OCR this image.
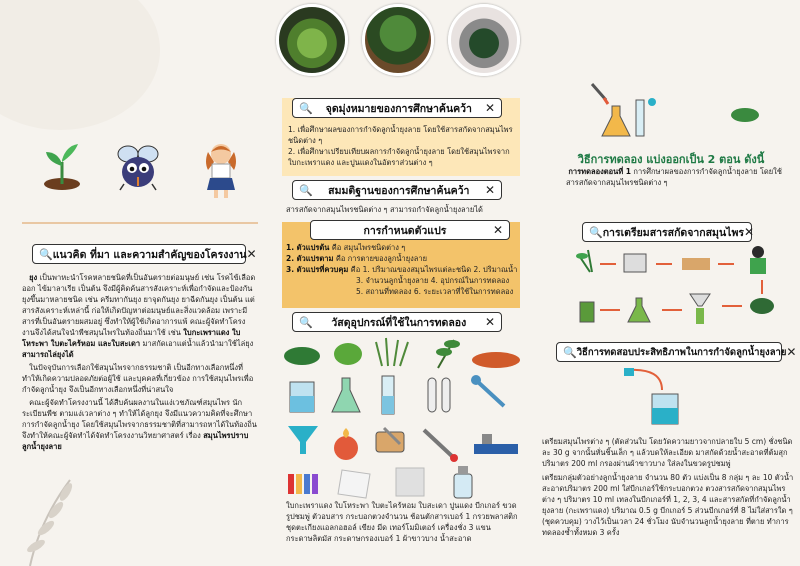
🔍 แนวคิด ที่มา และความสำคัญของโครงงาน ✕
ยุง เป็นพาหะนำโรคหลายชนิดที่เป็นอันตรายต่อมนุษย์ เช่น โรคไข้เลือดออก ไข้มาลาเรีย เป็นต้น จึงมีผู้คิดค้นสารสังเคราะห์เพื่อกำจัดและป้องกันยุงขึ้นมาหลายชนิด เช่น ครีมทากันยุง ยาจุดกันยุง ยาฉีดกันยุง เป็นต้น แต่สารสังเคราะห์เหล่านี้ ก่อให้เกิดปัญหาต่อมนุษย์และสิ่งแวดล้อม เพราะมีสารที่เป็นอันตรายผสมอยู่ ซึ่งทำให้ผู้ใช้เกิดอาการแพ้ คณะผู้จัดทำโครงงานจึงได้สนใจนำพืชสมุนไพรในท้องถิ่นมาใช้ เช่น ใบกะเพราแดง ใบโหระพา ใบตะไคร้หอม และใบสะเดา มาสกัดเอาแต่น้ำแล้วนำมาใช้ไล่ยุง สามารถไล่ยุงได้
ในปัจจุบันการเลือกใช้สมุนไพรจากธรรมชาติ เป็นอีกทางเลือกหนึ่งที่ทำให้เกิดความปลอดภัยต่อผู้ใช้ และบุคคลที่เกี่ยวข้อง การใช้สมุนไพรเพื่อกำจัดลูกน้ำยุง จึงเป็นอีกทางเลือกหนึ่งที่น่าสนใจ
คณะผู้จัดทำโครงงานนี้ ได้สืบค้นผลงานในแง่เวชภัณฑ์สมุนไพร นักระเบียนพืช ตามแง่เวลาต่าง ๆ ทำให้ได้ลูกยุง จึงมีแนวความคิดที่จะศึกษาการกำจัดลูกน้ำยุง โดยใช้สมุนไพรจากธรรมชาติที่สามารถหาได้ในท้องถิ่น จึงทำให้คณะผู้จัดทำได้จัดทำโครงงานวิทยาศาสตร์ เรื่อง สมุนไพรปราบลูกน้ำยุงลาย
🔍	จุดมุ่งหมายของการศึกษาค้นคว้า	✕
1. เพื่อศึกษาผลของการกำจัดลูกน้ำยุงลาย โดยใช้สารสกัดจากสมุนไพรชนิดต่าง ๆ
2. เพื่อศึกษาเปรียบเทียบผลการกำจัดลูกน้ำยุงลาย โดยใช้สมุนไพรจากใบกะเพราแดง และปูนแดงในอัตราส่วนต่าง ๆ
🔍	สมมติฐานของการศึกษาค้นคว้า	✕
สารสกัดจากสมุนไพรชนิดต่าง ๆ สามารถกำจัดลูกน้ำยุงลายได้
การกำหนดตัวแปร	✕
1. ตัวแปรต้น คือ สมุนไพรชนิดต่าง ๆ
2. ตัวแปรตาม คือ การตายของลูกน้ำยุงลาย
3. ตัวแปรที่ควบคุม คือ 1. ปริมาณของสมุนไพรแต่ละชนิด 2. ปริมาณน้ำ
3. จำนวนลูกน้ำยุงลาย 4. อุปกรณ์ในการทดลอง
5. สถานที่ทดลอง 6. ระยะเวลาที่ใช้ในการทดลอง
🔍	วัสดุอุปกรณ์ที่ใช้ในการทดลอง	✕
ใบกะเพราแดง ใบโหระพา ใบตะไคร้หอม ใบสะเดา ปูนแดง บีกเกอร์ ขวดรูปชมพู่ ตัวอบสาร กระบอกตวงจำนวน ช้อนตักสารเบอร์ 1 กรวยพลาสติก ชุดตะเกียงแอลกอฮอล์ เขียง มีด เทอร์โมมิเตอร์ เครื่องชั่ง 3 แขน กระดาษลิตมัส กระดาษกรองเบอร์ 1 ผ้าขาวบาง น้ำสะอาด
วิธีการทดลอง แบ่งออกเป็น 2 ตอน ดังนี้
การทดลองตอนที่ 1 การศึกษาผลของการกำจัดลูกน้ำยุงลาย โดยใช้สารสกัดจากสมุนไพรชนิดต่าง ๆ
🔍 การเตรียมสารสกัดจากสมุนไพร ✕
🔍 วิธีการทดสอบประสิทธิภาพในการกำจัดลูกน้ำยุงลาย ✕
เตรียมสมุนไพรต่าง ๆ (ตัดส่วนใบ โดยวัดความยาวจากปลายใบ 5 cm) ชั่งชนิดละ 30 g จากนั้นหั่นชิ้นเล็ก ๆ แล้วบดให้ละเอียด มาสกัดด้วยน้ำสะอาดที่ต้มสุก ปริมาตร 200 ml กรองผ่านผ้าขาวบาง ใส่ลงในขวดรูปชมพู่
เตรียมกลุ่มตัวอย่างลูกน้ำยุงลาย จำนวน 80 ตัว แบ่งเป็น 8 กลุ่ม ๆ ละ 10 ตัวน้ำสะอาดปริมาตร 200 ml ใส่บีกเกอร์ใช้กระบอกตวง ตวงสารสกัดจากสมุนไพรต่าง ๆ ปริมาตร 10 ml เทลงในบีกเกอร์ที่ 1, 2, 3, 4 และสารสกัดที่กำจัดลูกน้ำยุงลาย (กะเพราแดง) ปริมาณ 0.5 g บีกเกอร์ 5 ส่วนบีกเกอร์ที่ 8 ไม่ใส่สารใด ๆ (ชุดควบคุม) วางไว้เป็นเวลา 24 ชั่วโมง นับจำนวนลูกน้ำยุงลาย ที่ตาย ทำการทดลองซ้ำทั้งหมด 3 ครั้ง
